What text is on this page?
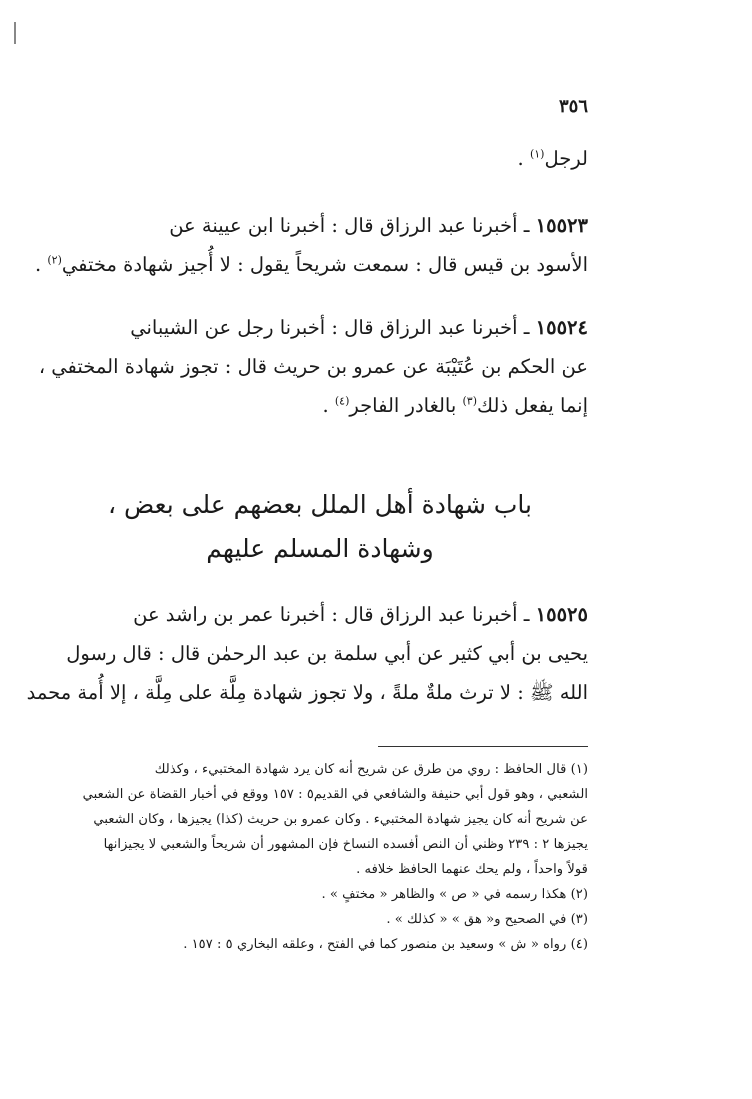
٣٥٦

لرجل$^{(١)}$ .

١٥٥٢٣ ـ أخبرنا عبد الرزاق قال : أخبرنا ابن عيينة عن
الأسود بن قيس قال : سمعت شريحاً يقول : لا أُجيز شهادة مختفي$^{(٢)}$ .

١٥٥٢٤ ـ أخبرنا عبد الرزاق قال : أخبرنا رجل عن الشيباني
عن الحكم بن عُتَيْبَة عن عمرو بن حريث قال : تجوز شهادة المختفي ،
إنما يفعل ذلك$^{(٣)}$ بالغادر الفاجر$^{(٤)}$ .

باب شهادة أهل الملل بعضهم على بعض ،
وشهادة المسلم عليهم

١٥٥٢٥ ـ أخبرنا عبد الرزاق قال : أخبرنا عمر بن راشد عن
يحيى بن أبي كثير عن أبي سلمة بن عبد الرحمٰن قال : قال رسول
الله ﷺ : لا ترث ملةٌ ملةً ، ولا تجوز شهادة مِلَّة على مِلَّة ، إلا أُمة محمد

(١) قال الحافظ : روي من طرق عن شريح أنه كان يرد شهادة المختبيء ، وكذلك
الشعبي ، وهو قول أبي حنيفة والشافعي في القديم٥ : ١٥٧ ووقع في أخبار القضاة عن الشعبي
عن شريح أنه كان يجيز شهادة المختبيء . وكان عمرو بن حريث (كذا) يجيزها ، وكان الشعبي
يجيزها ٢ : ٢٣٩ وظني أن النص أفسده النساخ فإن المشهور أن شريحاً والشعبي لا يجيزانها
قولاً واحداً ، ولم يحك عنهما الحافظ خلافه .

(٢) هكذا رسمه في « ص » والظاهر « مختفٍ » .

(٣) في الصحيح و« هق » « كذلك » .

(٤) رواه « ش » وسعيد بن منصور كما في الفتح ، وعلقه البخاري ٥ : ١٥٧ .
